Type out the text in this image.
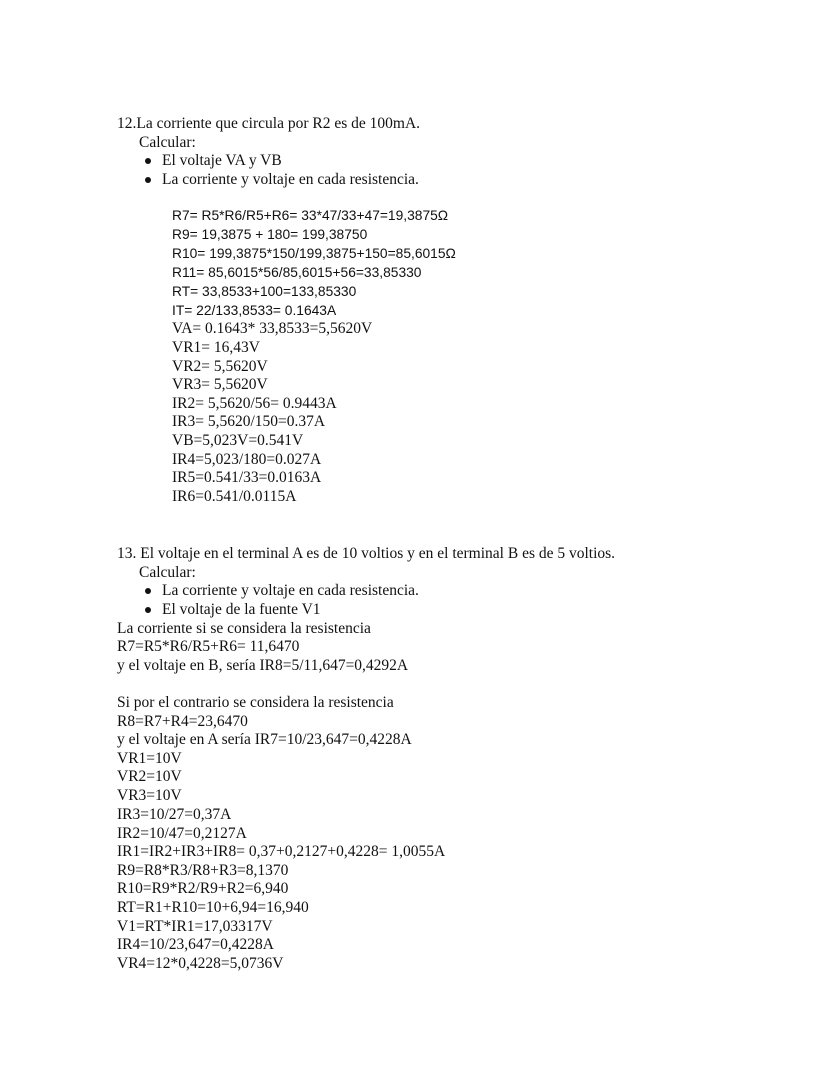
12.La corriente que circula por R2 es de 100mA.
Calcular:
El voltaje VA y VB
La corriente y voltaje en cada resistencia.
R7= R5*R6/R5+R6= 33*47/33+47=19,3875Ω
R9= 19,3875 + 180= 199,38750
R10= 199,3875*150/199,3875+150=85,6015Ω
R11= 85,6015*56/85,6015+56=33,85330
RT= 33,8533+100=133,85330
IT= 22/133,8533= 0.1643A
VA= 0.1643* 33,8533=5,5620V
VR1= 16,43V
VR2= 5,5620V
VR3= 5,5620V
IR2= 5,5620/56= 0.9443A
IR3= 5,5620/150=0.37A
VB=5,023V=0.541V
IR4=5,023/180=0.027A
IR5=0.541/33=0.0163A
IR6=0.541/0.0115A
13. El voltaje en el terminal A es de 10 voltios y en el terminal B es de 5 voltios.
Calcular:
La corriente y voltaje en cada resistencia.
El voltaje de la fuente V1
La corriente si se considera la resistencia
R7=R5*R6/R5+R6= 11,6470
y el voltaje en B, sería IR8=5/11,647=0,4292A
Si por el contrario se considera la resistencia
R8=R7+R4=23,6470
y el voltaje en A sería IR7=10/23,647=0,4228A
VR1=10V
VR2=10V
VR3=10V
IR3=10/27=0,37A
IR2=10/47=0,2127A
IR1=IR2+IR3+IR8= 0,37+0,2127+0,4228= 1,0055A
R9=R8*R3/R8+R3=8,1370
R10=R9*R2/R9+R2=6,940
RT=R1+R10=10+6,94=16,940
V1=RT*IR1=17,03317V
IR4=10/23,647=0,4228A
VR4=12*0,4228=5,0736V
